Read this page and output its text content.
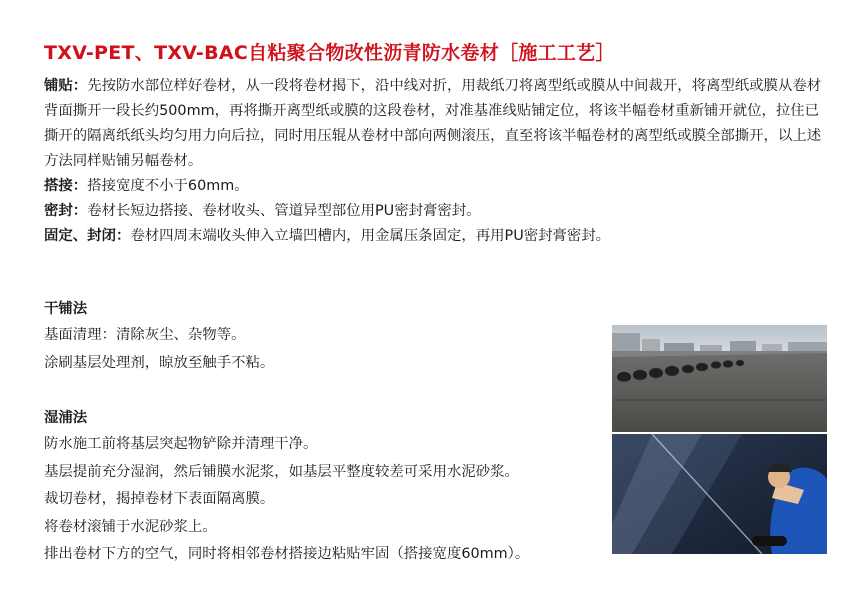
TXV-PET、TXV-BAC自粘聚合物改性沥青防水卷材［施工工艺］

铺贴：先按防水部位样好卷材，从一段将卷材揭下，沿中线对折，用裁纸刀将离型纸或膜从中间裁开，将离型纸或膜从卷材背面撕开一段长约500mm，再将撕开离型纸或膜的这段卷材，对准基准线贴铺定位，将该半幅卷材重新铺开就位，拉住已撕开的隔离纸纸头均匀用力向后拉，同时用压辊从卷材中部向两侧滚压，直至将该半幅卷材的离型纸或膜全部撕开，以上述方法同样贴铺另幅卷材。

搭接：搭接宽度不小于60mm。

密封：卷材长短边搭接、卷材收头、管道异型部位用PU密封膏密封。

固定、封闭：卷材四周末端收头伸入立墙凹槽内，用金属压条固定，再用PU密封膏密封。

干铺法
基面清理：清除灰尘、杂物等。
涂刷基层处理剂，晾放至触手不粘。
湿浦法
防水施工前将基层突起物铲除并清理干净。
基层提前充分湿润，然后铺膜水泥浆，如基层平整度较差可采用水泥砂浆。
裁切卷材，揭掉卷材下表面隔离膜。
将卷材滚铺于水泥砂浆上。
排出卷材下方的空气，同时将相邻卷材搭接边粘贴牢固（搭接宽度60mm）。
